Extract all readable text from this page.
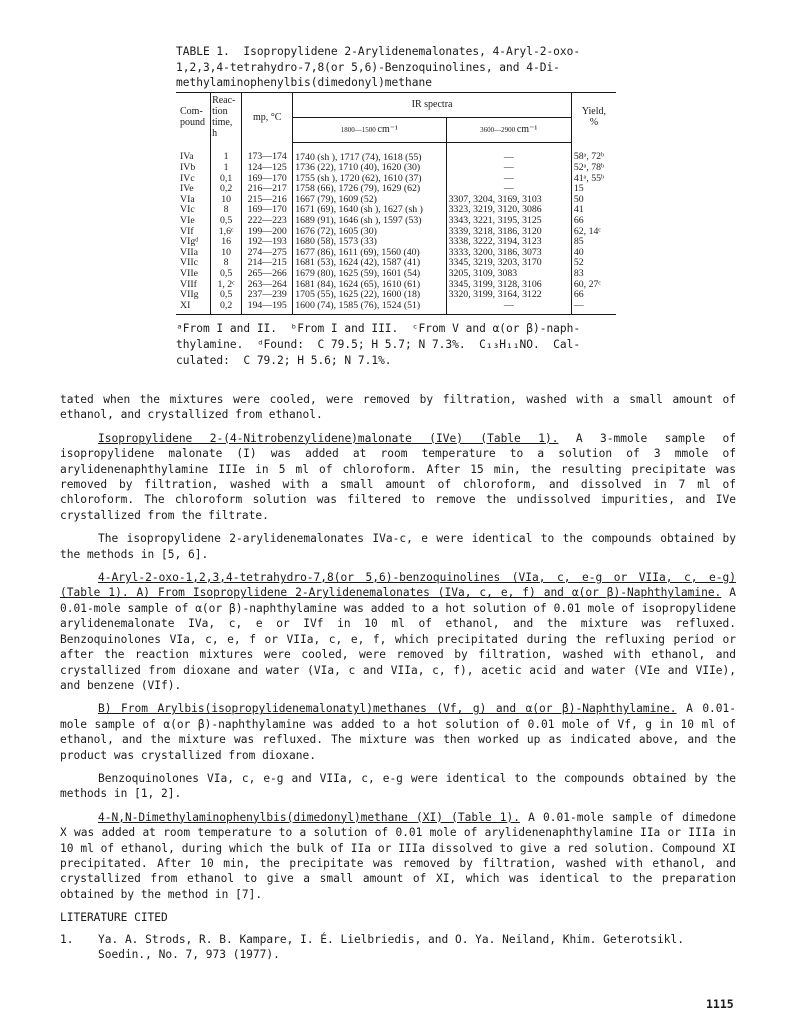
TABLE 1.  Isopropylidene 2-Arylidenemalonates, 4-Aryl-2-oxo-
1,2,3,4-tetrahydro-7,8(or 5,6)-Benzoquinolines, and 4-Di-
methylaminophenylbis(dimedonyl)methane
Com-
pound	Reac-
tion
time,
h	mp, °C	IR spectra		Yield,
%
			1800—1500 cm⁻¹	3600—2900 cm⁻¹	
IVa	1	173—174	1740 (sh ), 1717 (74), 1618 (55)	—	58ᵃ, 72ᵇ
IVb	1	124—125	1736 (22), 1710 (40), 1620 (30)	—	52ᵃ, 78ᵇ
IVc	0,1	169—170	1755 (sh ), 1720 (62), 1610 (37)	—	41ᵃ, 55ᵇ
IVe	0,2	216—217	1758 (66), 1726 (79), 1629 (62)	—	15
VIa	10	215—216	1667 (79), 1609 (52)	3307, 3204, 3169, 3103	50
VIc	8	169—170	1671 (69), 1640 (sh ), 1627 (sh )	3323, 3219, 3120, 3086	41
VIe	0,5	222—223	1689 (91), 1646 (sh ), 1597 (53)	3343, 3221, 3195, 3125	66
VIf	1,6ᶜ	199—200	1676 (72), 1605 (30)	3339, 3218, 3186, 3120	62, 14ᶜ
VIgᵈ	16	192—193	1680 (58), 1573 (33)	3338, 3222, 3194, 3123	85
VIIa	10	274—275	1677 (86), 1611 (69), 1560 (40)	3333, 3200, 3186, 3073	40
VIIc	8	214—215	1681 (53), 1624 (42), 1587 (41)	3345, 3219, 3203, 3170	52
VIIe	0,5	265—266	1679 (80), 1625 (59), 1601 (54)	3205, 3109, 3083	83
VIIf	1, 2ᶜ	263—264	1681 (84), 1624 (65), 1610 (61)	3345, 3199, 3128, 3106	60, 27ᶜ
VIIg	0,5	237—239	1705 (55), 1625 (22), 1600 (18)	3320, 3199, 3164, 3122	66
XI	0,2	194—195	1600 (74), 1585 (76), 1524 (51)	—	—
ᵃFrom I and II.  ᵇFrom I and III.  ᶜFrom V and α(or β)-naph-
thylamine.  ᵈFound:  C 79.5; H 5.7; N 7.3%.  C₁₃H₁₁NO.  Cal-
culated:  C 79.2; H 5.6; N 7.1%.

tated when the mixtures were cooled, were removed by filtration, washed with a small amount of ethanol, and crystallized from ethanol.

Isopropylidene 2-(4-Nitrobenzylidene)malonate (IVe) (Table 1). A 3-mmole sample of isopropylidene malonate (I) was added at room temperature to a solution of 3 mmole of arylidenenaphthylamine IIIe in 5 ml of chloroform. After 15 min, the resulting precipitate was removed by filtration, washed with a small amount of chloroform, and dissolved in 7 ml of chloroform. The chloroform solution was filtered to remove the undissolved impurities, and IVe crystallized from the filtrate.

The isopropylidene 2-arylidenemalonates IVa-c, e were identical to the compounds obtained by the methods in [5, 6].

4-Aryl-2-oxo-1,2,3,4-tetrahydro-7,8(or 5,6)-benzoquinolines (VIa, c, e-g or VIIa, c, e-g) (Table 1). A) From Isopropylidene 2-Arylidenemalonates (IVa, c, e, f) and α(or β)-Naphthylamine. A 0.01-mole sample of α(or β)-naphthylamine was added to a hot solution of 0.01 mole of isopropylidene arylidenemalonate IVa, c, e or IVf in 10 ml of ethanol, and the mixture was refluxed. Benzoquinolones VIa, c, e, f or VIIa, c, e, f, which precipitated during the refluxing period or after the reaction mixtures were cooled, were removed by filtration, washed with ethanol, and crystallized from dioxane and water (VIa, c and VIIa, c, f), acetic acid and water (VIe and VIIe), and benzene (VIf).

B) From Arylbis(isopropylidenemalonatyl)methanes (Vf, g) and α(or β)-Naphthylamine. A 0.01-mole sample of α(or β)-naphthylamine was added to a hot solution of 0.01 mole of Vf, g in 10 ml of ethanol, and the mixture was refluxed. The mixture was then worked up as indicated above, and the product was crystallized from dioxane.

Benzoquinolones VIa, c, e-g and VIIa, c, e-g were identical to the compounds obtained by the methods in [1, 2].

4-N,N-Dimethylaminophenylbis(dimedonyl)methane (XI) (Table 1). A 0.01-mole sample of dimedone X was added at room temperature to a solution of 0.01 mole of arylidenenaphthylamine IIa or IIIa in 10 ml of ethanol, during which the bulk of IIa or IIIa dissolved to give a red solution. Compound XI precipitated. After 10 min, the precipitate was removed by filtration, washed with ethanol, and crystallized from ethanol to give a small amount of XI, which was identical to the preparation obtained by the method in [7].

LITERATURE CITED

1.	Ya. A. Strods, R. B. Kampare, I. É. Lielbriedis, and O. Ya. Neiland, Khim. Geterotsikl. Soedin., No. 7, 973 (1977).
1115
